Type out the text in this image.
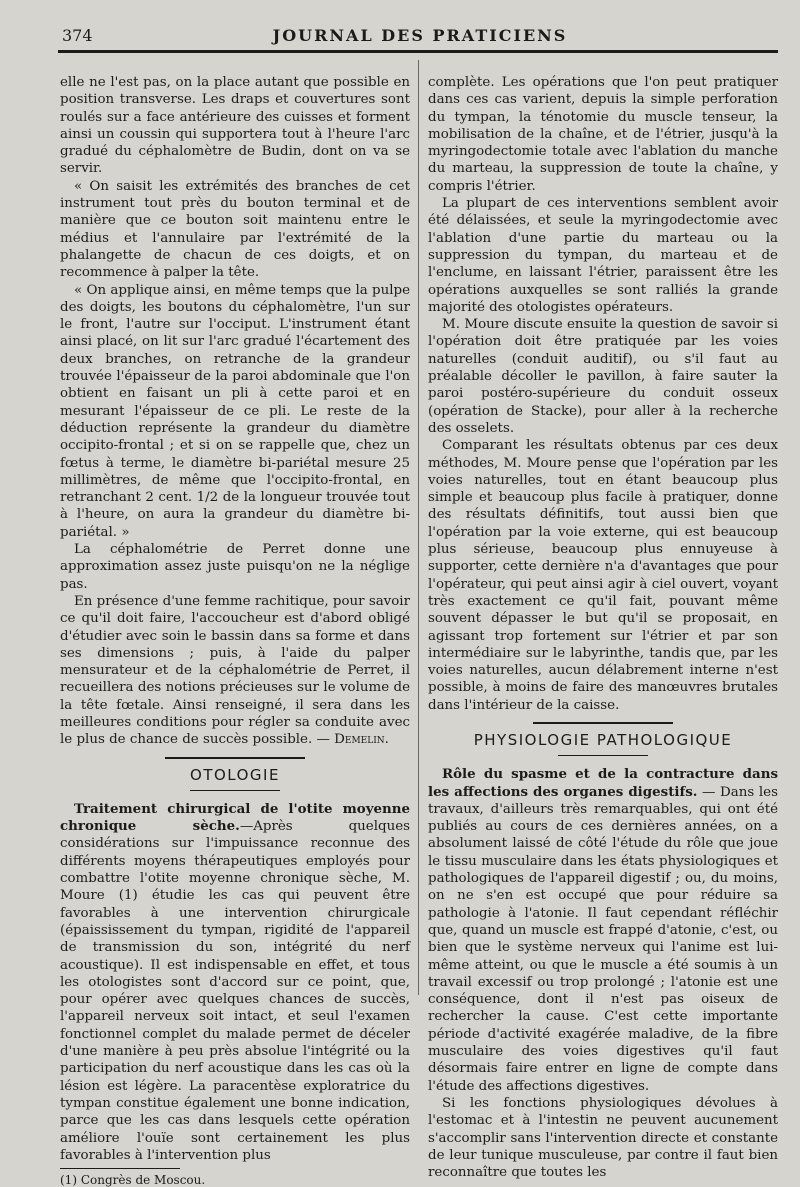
374	JOURNAL DES PRATICIENS

elle ne l'est pas, on la place autant que possible en position transverse. Les draps et couvertures sont roulés sur a face antérieure des cuisses et forment ainsi un coussin qui supportera tout à l'heure l'arc gradué du céphalomètre de Budin, dont on va se servir.

« On saisit les extrémités des branches de cet instrument tout près du bouton terminal et de manière que ce bouton soit maintenu entre le médius et l'annulaire par l'extrémité de la phalangette de chacun de ces doigts, et on recommence à palper la tête.

« On applique ainsi, en même temps que la pulpe des doigts, les boutons du céphalomètre, l'un sur le front, l'autre sur l'occiput. L'instrument étant ainsi placé, on lit sur l'arc gradué l'écartement des deux branches, on retranche de la grandeur trouvée l'épaisseur de la paroi abdominale que l'on obtient en faisant un pli à cette paroi et en mesurant l'épaisseur de ce pli. Le reste de la déduction représente la grandeur du diamètre occipito-frontal ; et si on se rappelle que, chez un fœtus à terme, le diamètre bi-pariétal mesure 25 millimètres, de même que l'occipito-frontal, en retranchant 2 cent. 1/2 de la longueur trouvée tout à l'heure, on aura la grandeur du diamètre bi-pariétal. »

La céphalométrie de Perret donne une approximation assez juste puisqu'on ne la néglige pas.

En présence d'une femme rachitique, pour savoir ce qu'il doit faire, l'accoucheur est d'abord obligé d'étudier avec soin le bassin dans sa forme et dans ses dimensions ; puis, à l'aide du palper mensurateur et de la céphalométrie de Perret, il recueillera des notions précieuses sur le volume de la tête fœtale. Ainsi renseigné, il sera dans les meilleures conditions pour régler sa conduite avec le plus de chance de succès possible. — Demelin.

OTOLOGIE

Traitement chirurgical de l'otite moyenne chronique sèche.—Après quelques considérations sur l'impuissance reconnue des différents moyens thérapeutiques employés pour combattre l'otite moyenne chronique sèche, M. Moure (1) étudie les cas qui peuvent être favorables à une intervention chirurgicale (épaississement du tympan, rigidité de l'appareil de transmission du son, intégrité du nerf acoustique). Il est indispensable en effet, et tous les otologistes sont d'accord sur ce point, que, pour opérer avec quelques chances de succès, l'appareil nerveux soit intact, et seul l'examen fonctionnel complet du malade permet de déceler d'une manière à peu près absolue l'intégrité ou la participation du nerf acoustique dans les cas où la lésion est légère. La paracentèse exploratrice du tympan constitue également une bonne indication, parce que les cas dans lesquels cette opération améliore l'ouïe sont certainement les plus favorables à l'intervention plus

(1) Congrès de Moscou.

complète. Les opérations que l'on peut pratiquer dans ces cas varient, depuis la simple perforation du tympan, la ténotomie du muscle tenseur, la mobilisation de la chaîne, et de l'étrier, jusqu'à la myringodectomie totale avec l'ablation du manche du marteau, la suppression de toute la chaîne, y compris l'étrier.

La plupart de ces interventions semblent avoir été délaissées, et seule la myringodectomie avec l'ablation d'une partie du marteau ou la suppression du tympan, du marteau et de l'enclume, en laissant l'étrier, paraissent être les opérations auxquelles se sont ralliés la grande majorité des otologistes opérateurs.

M. Moure discute ensuite la question de savoir si l'opération doit être pratiquée par les voies naturelles (conduit auditif), ou s'il faut au préalable décoller le pavillon, à faire sauter la paroi postéro-supérieure du conduit osseux (opération de Stacke), pour aller à la recherche des osselets.

Comparant les résultats obtenus par ces deux méthodes, M. Moure pense que l'opération par les voies naturelles, tout en étant beaucoup plus simple et beaucoup plus facile à pratiquer, donne des résultats définitifs, tout aussi bien que l'opération par la voie externe, qui est beaucoup plus sérieuse, beaucoup plus ennuyeuse à supporter, cette dernière n'a d'avantages que pour l'opérateur, qui peut ainsi agir à ciel ouvert, voyant très exactement ce qu'il fait, pouvant même souvent dépasser le but qu'il se proposait, en agissant trop fortement sur l'étrier et par son intermédiaire sur le labyrinthe, tandis que, par les voies naturelles, aucun délabrement interne n'est possible, à moins de faire des manœuvres brutales dans l'intérieur de la caisse.

PHYSIOLOGIE PATHOLOGIQUE

Rôle du spasme et de la contracture dans les affections des organes digestifs. — Dans les travaux, d'ailleurs très remarquables, qui ont été publiés au cours de ces dernières années, on a absolument laissé de côté l'étude du rôle que joue le tissu musculaire dans les états physiologiques et pathologiques de l'appareil digestif ; ou, du moins, on ne s'en est occupé que pour réduire sa pathologie à l'atonie. Il faut cependant réfléchir que, quand un muscle est frappé d'atonie, c'est, ou bien que le système nerveux qui l'anime est lui-même atteint, ou que le muscle a été soumis à un travail excessif ou trop prolongé ; l'atonie est une conséquence, dont il n'est pas oiseux de rechercher la cause. C'est cette importante période d'activité exagérée maladive, de la fibre musculaire des voies digestives qu'il faut désormais faire entrer en ligne de compte dans l'étude des affections digestives.

Si les fonctions physiologiques dévolues à l'estomac et à l'intestin ne peuvent aucunement s'accomplir sans l'intervention directe et constante de leur tunique musculeuse, par contre il faut bien reconnaître que toutes les
